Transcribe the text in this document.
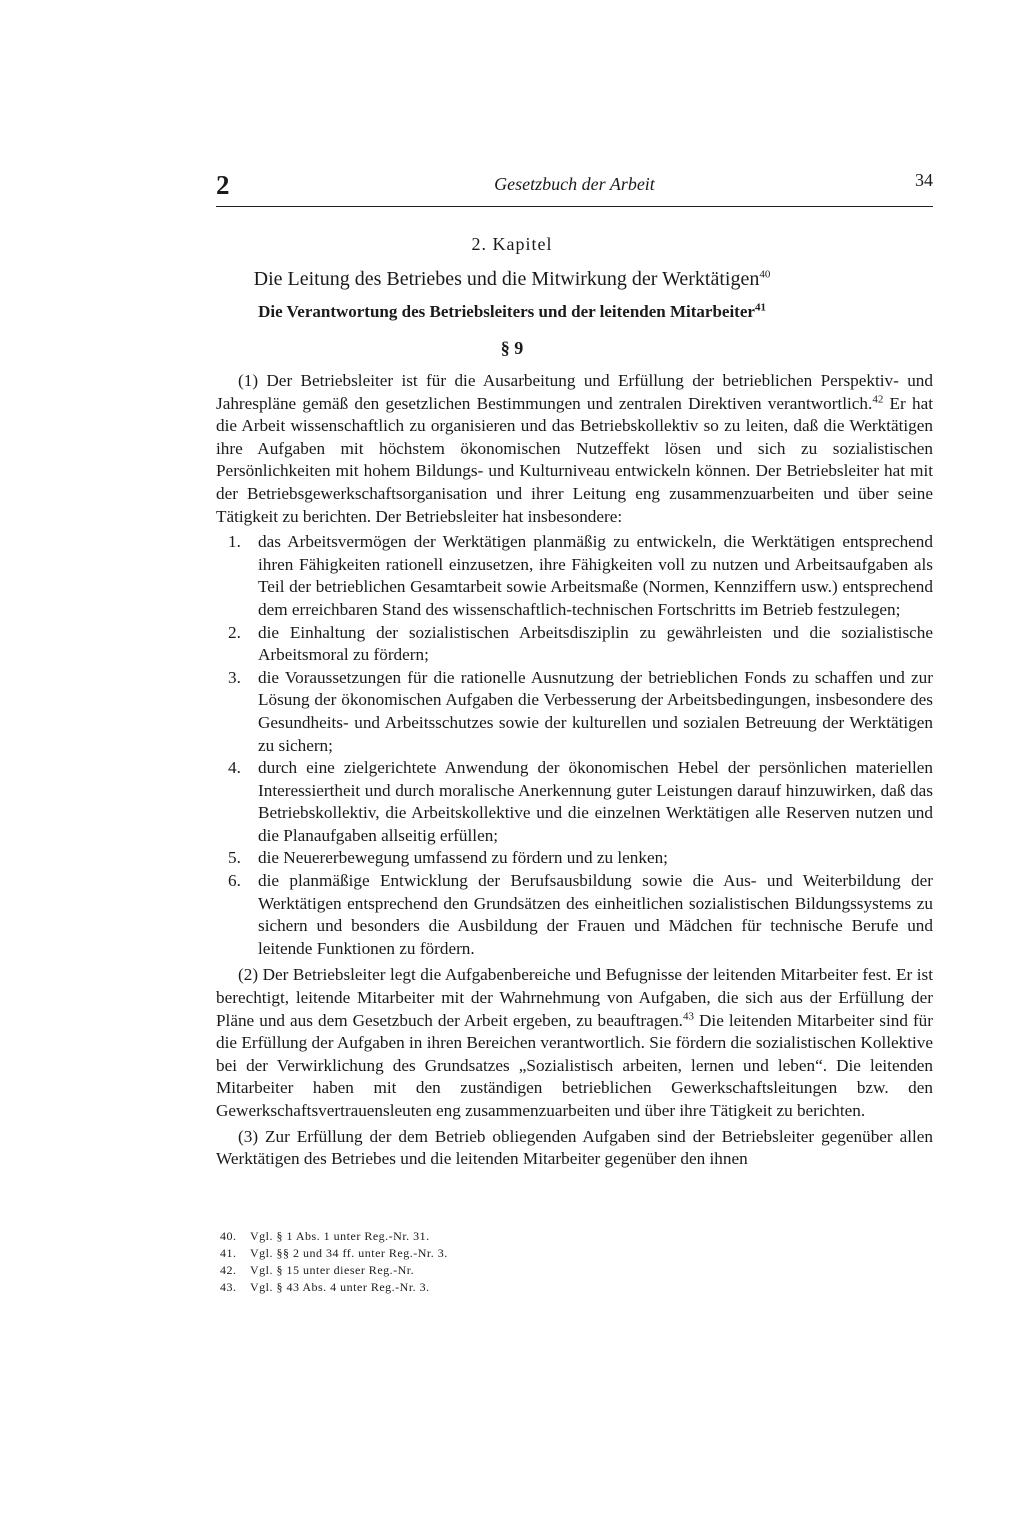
2	Gesetzbuch der Arbeit	34
2. Kapitel
Die Leitung des Betriebes und die Mitwirkung der Werktätigen$^{40}$
Die Verantwortung des Betriebsleiters und der leitenden Mitarbeiter$^{41}$
§ 9

(1) Der Betriebsleiter ist für die Ausarbeitung und Erfüllung der betrieblichen Perspektiv- und Jahrespläne gemäß den gesetzlichen Bestimmungen und zentralen Direktiven verantwortlich.$^{42}$ Er hat die Arbeit wissenschaftlich zu organisieren und das Betriebskollektiv so zu leiten, daß die Werktätigen ihre Aufgaben mit höchstem ökonomischen Nutzeffekt lösen und sich zu sozialistischen Persönlichkeiten mit hohem Bildungs- und Kulturniveau entwickeln können. Der Betriebsleiter hat mit der Betriebsgewerkschaftsorganisation und ihrer Leitung eng zusammenzuarbeiten und über seine Tätigkeit zu berichten. Der Betriebsleiter hat insbesondere:

1. das Arbeitsvermögen der Werktätigen planmäßig zu entwickeln, die Werktätigen entsprechend ihren Fähigkeiten rationell einzusetzen, ihre Fähigkeiten voll zu nutzen und Arbeitsaufgaben als Teil der betrieblichen Gesamtarbeit sowie Arbeitsmaße (Normen, Kennziffern usw.) entsprechend dem erreichbaren Stand des wissenschaftlich-technischen Fortschritts im Betrieb festzulegen;
2. die Einhaltung der sozialistischen Arbeitsdisziplin zu gewährleisten und die sozialistische Arbeitsmoral zu fördern;
3. die Voraussetzungen für die rationelle Ausnutzung der betrieblichen Fonds zu schaffen und zur Lösung der ökonomischen Aufgaben die Verbesserung der Arbeitsbedingungen, insbesondere des Gesundheits- und Arbeitsschutzes sowie der kulturellen und sozialen Betreuung der Werktätigen zu sichern;
4. durch eine zielgerichtete Anwendung der ökonomischen Hebel der persönlichen materiellen Interessiertheit und durch moralische Anerkennung guter Leistungen darauf hinzuwirken, daß das Betriebskollektiv, die Arbeitskollektive und die einzelnen Werktätigen alle Reserven nutzen und die Planaufgaben allseitig erfüllen;
5. die Neuererbewegung umfassend zu fördern und zu lenken;
6. die planmäßige Entwicklung der Berufsausbildung sowie die Aus- und Weiterbildung der Werktätigen entsprechend den Grundsätzen des einheitlichen sozialistischen Bildungssystems zu sichern und besonders die Ausbildung der Frauen und Mädchen für technische Berufe und leitende Funktionen zu fördern.

(2) Der Betriebsleiter legt die Aufgabenbereiche und Befugnisse der leitenden Mitarbeiter fest. Er ist berechtigt, leitende Mitarbeiter mit der Wahrnehmung von Aufgaben, die sich aus der Erfüllung der Pläne und aus dem Gesetzbuch der Arbeit ergeben, zu beauftragen.$^{43}$ Die leitenden Mitarbeiter sind für die Erfüllung der Aufgaben in ihren Bereichen verantwortlich. Sie fördern die sozialistischen Kollektive bei der Verwirklichung des Grundsatzes „Sozialistisch arbeiten, lernen und leben“. Die leitenden Mitarbeiter haben mit den zuständigen betrieblichen Gewerkschaftsleitungen bzw. den Gewerkschaftsvertrauensleuten eng zusammenzuarbeiten und über ihre Tätigkeit zu berichten.

(3) Zur Erfüllung der dem Betrieb obliegenden Aufgaben sind der Betriebsleiter gegenüber allen Werktätigen des Betriebes und die leitenden Mitarbeiter gegenüber den ihnen

40.	Vgl. § 1 Abs. 1 unter Reg.-Nr. 31.
41.	Vgl. §§ 2 und 34 ff. unter Reg.-Nr. 3.
42.	Vgl. § 15 unter dieser Reg.-Nr.
43.	Vgl. § 43 Abs. 4 unter Reg.-Nr. 3.
